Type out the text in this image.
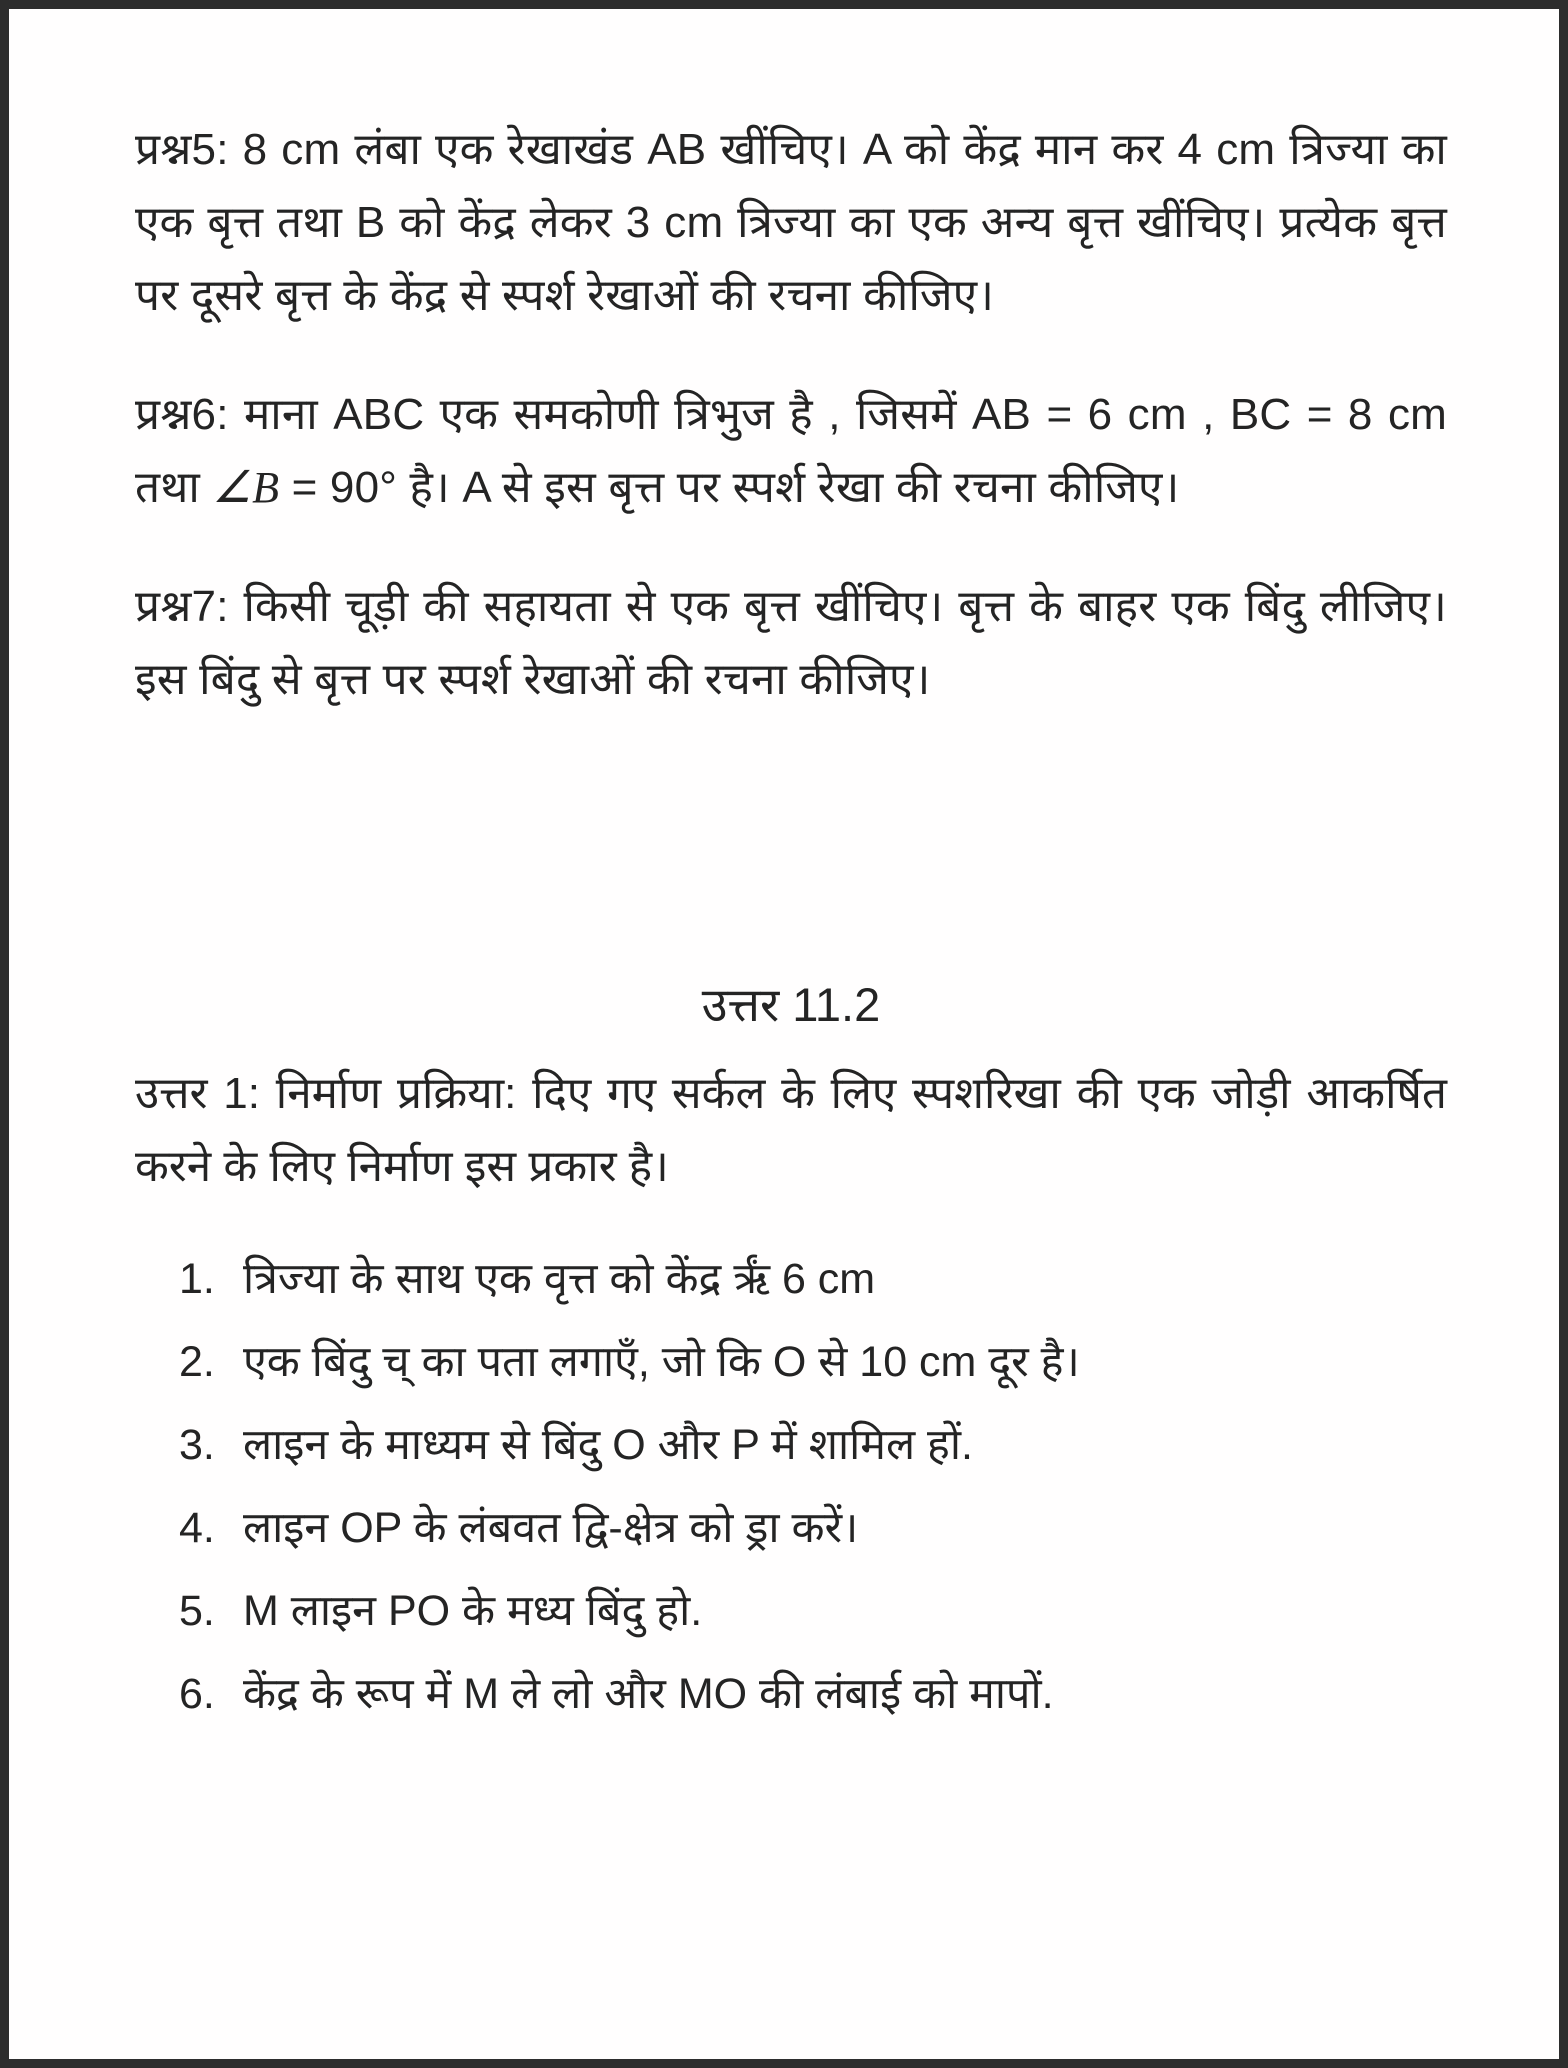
प्रश्न5: 8 cm लंबा एक रेखाखंड AB खींचिए। A को केंद्र मान कर 4 cm त्रिज्या का एक बृत्त तथा B को केंद्र लेकर 3 cm त्रिज्या का एक अन्य बृत्त खींचिए। प्रत्येक बृत्त पर दूसरे बृत्त के केंद्र से स्पर्श रेखाओं की रचना कीजिए।

प्रश्न6: माना ABC एक समकोणी त्रिभुज है , जिसमें AB = 6 cm , BC = 8 cm तथा ∠B = 90° है। A से इस बृत्त पर स्पर्श रेखा की रचना कीजिए।

प्रश्न7: किसी चूड़ी की सहायता से एक बृत्त खींचिए। बृत्त के बाहर एक बिंदु लीजिए। इस बिंदु से बृत्त पर स्पर्श रेखाओं की रचना कीजिए।

उत्तर 11.2

उत्तर 1: निर्माण प्रक्रिया: दिए गए सर्कल के लिए स्पशरिखा की एक जोड़ी आकर्षित करने के लिए निर्माण इस प्रकार है।

1. त्रिज्या के साथ एक वृत्त को केंद्र रृं 6 cm
2. एक बिंदु च् का पता लगाएँ, जो कि O से 10 cm दूर है।
3. लाइन के माध्यम से बिंदु O और P में शामिल हों.
4. लाइन OP के लंबवत द्वि-क्षेत्र को ड्रा करें।
5. M लाइन PO के मध्य बिंदु हो.
6. केंद्र के रूप में M ले लो और MO की लंबाई को मापों.
